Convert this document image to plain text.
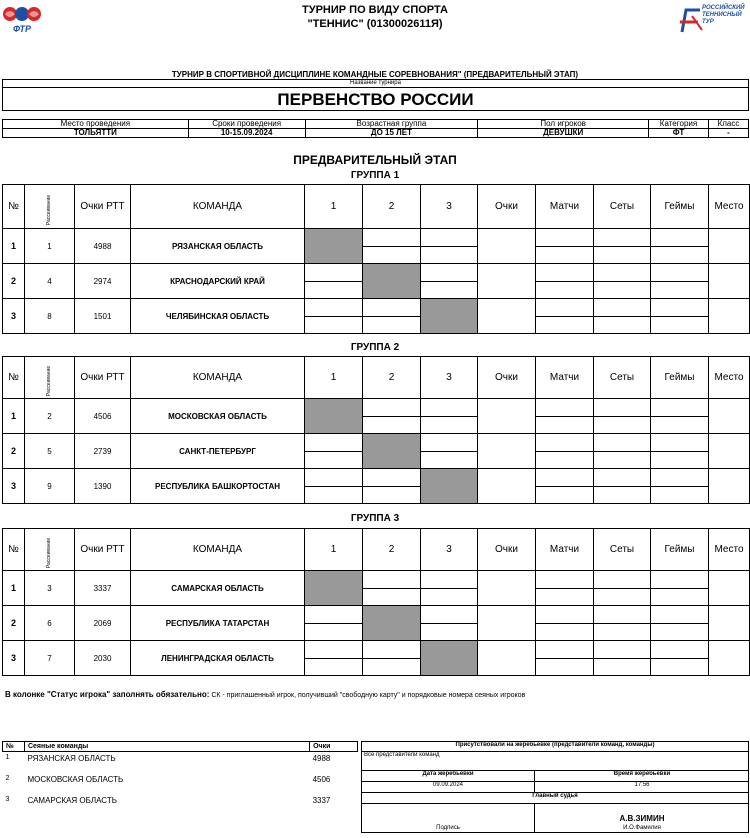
ФТР
РОССИЙСКИЙ
ТЕННИСНЫЙ
ТУР
ТУРНИР ПО ВИДУ СПОРТА
"ТЕННИС" (0130002611Я)
ТУРНИР В СПОРТИВНОЙ ДИСЦИПЛИНЕ КОМАНДНЫЕ СОРЕВНОВАНИЯ" (ПРЕДВАРИТЕЛЬНЫЙ ЭТАП)
Название турнира
ПЕРВЕНСТВО РОССИИ
Место проведения	Сроки проведения	Возрастная группа	Пол игроков	Категория	Класс
ТОЛЬЯТТИ	10-15.09.2024	ДО 15 ЛЕТ	ДЕВУШКИ	ФТ	-
ПРЕДВАРИТЕЛЬНЫЙ ЭТАП
ГРУППА 1
№	Рассеивание	Очки РТТ	КОМАНДА	1	2	3	Очки	Матчи	Сеты	Геймы	Место
1	1	4988	РЯЗАНСКАЯ ОБЛАСТЬ		

2	4	2974	КРАСНОДАРСКИЙ КРАЙ	

3	8	1501	ЧЕЛЯБИНСКАЯ ОБЛАСТЬ	

ГРУППА 2
№	Рассеивание	Очки РТТ	КОМАНДА	1	2	3	Очки	Матчи	Сеты	Геймы	Место
1	2	4506	МОСКОВСКАЯ ОБЛАСТЬ		

2	5	2739	САНКТ-ПЕТЕРБУРГ	

3	9	1390	РЕСПУБЛИКА БАШКОРТОСТАН	

ГРУППА 3
№	Рассеивание	Очки РТТ	КОМАНДА	1	2	3	Очки	Матчи	Сеты	Геймы	Место
1	3	3337	САМАРСКАЯ ОБЛАСТЬ		

2	6	2069	РЕСПУБЛИКА ТАТАРСТАН	

3	7	2030	ЛЕНИНГРАДСКАЯ ОБЛАСТЬ	

В колонке "Статус игрока" заполнять обязательно: СК - приглашенный игрок, получивший "свободную карту" и порядковые номера сеяных игроков
№	Сеяные команды	Очки
1	РЯЗАНСКАЯ ОБЛАСТЬ	4988
2	МОСКОВСКАЯ ОБЛАСТЬ	4506
3	САМАРСКАЯ ОБЛАСТЬ	3337
Присутствовали на жеребьевке (представители команд, команды)
Все представители команд
Дата жеребьевки	Время жеребьевки
09.09.2024	17:56
Главный судья
А.В.ЗИМИН
И.О.Фамилия
Подпись
